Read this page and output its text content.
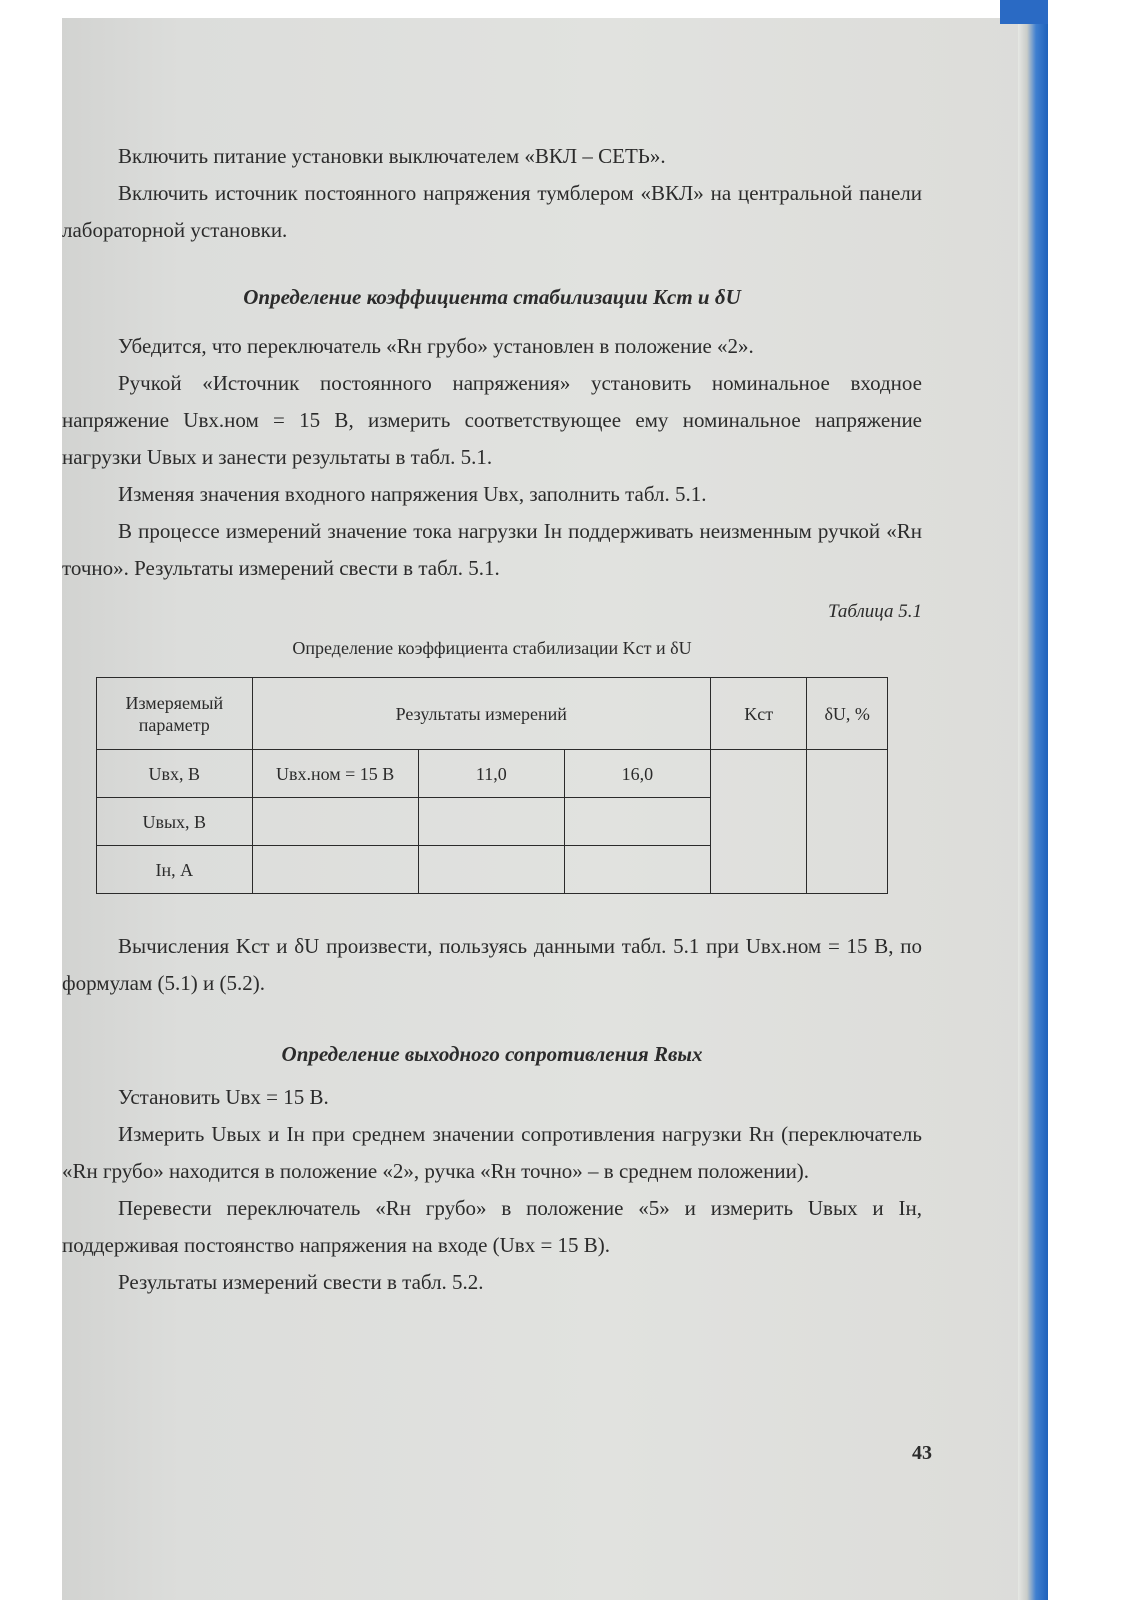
Включить питание установки выключателем «ВКЛ – СЕТЬ».

Включить источник постоянного напряжения тумблером «ВКЛ» на центральной панели лабораторной установки.

Определение коэффициента стабилизации Kст и δU

Убедится, что переключатель «Rн грубо» установлен в положение «2».

Ручкой «Источник постоянного напряжения» установить номинальное входное напряжение Uвх.ном = 15 В, измерить соответствующее ему номинальное напряжение нагрузки Uвых и занести результаты в табл. 5.1.

Изменяя значения входного напряжения Uвх, заполнить табл. 5.1.

В процессе измерений значение тока нагрузки Iн поддерживать неизменным ручкой «Rн точно». Результаты измерений свести в табл. 5.1.

Таблица 5.1

Определение коэффициента стабилизации Kст и δU

Измеряемый параметр	Результаты измерений			Kст	δU, %
Uвх, В	Uвх.ном = 15 В	11,0	16,0		
Uвых, В					
Iн, А					

Вычисления Kст и δU произвести, пользуясь данными табл. 5.1 при Uвх.ном = 15 В, по формулам (5.1) и (5.2).

Определение выходного сопротивления Rвых

Установить Uвх = 15 В.

Измерить Uвых и Iн при среднем значении сопротивления нагрузки Rн (переключатель «Rн грубо» находится в положение «2», ручка «Rн точно» – в среднем положении).

Перевести переключатель «Rн грубо» в положение «5» и измерить Uвых и Iн, поддерживая постоянство напряжения на входе (Uвх = 15 В).

Результаты измерений свести в табл. 5.2.

43
